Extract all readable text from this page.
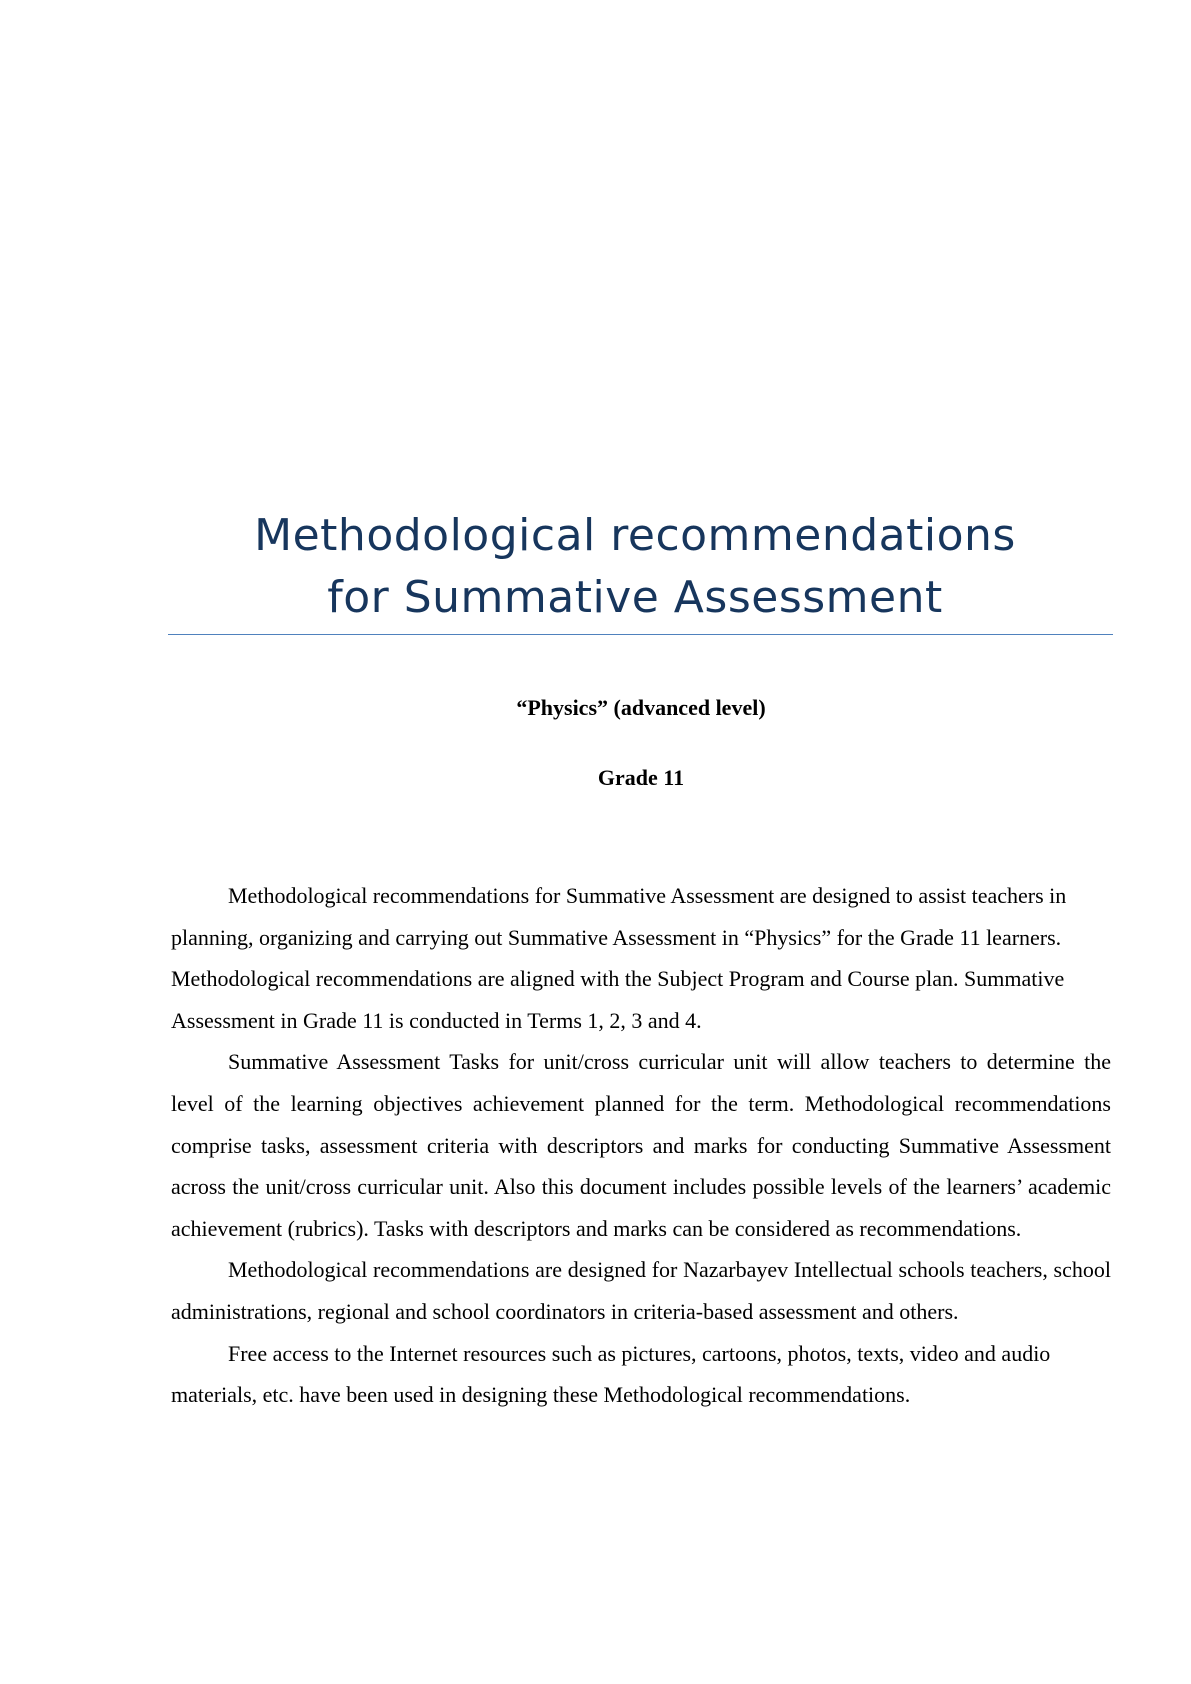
Methodological recommendations
for Summative Assessment
“Physics” (advanced level)
Grade 11

Methodological recommendations for Summative Assessment are designed to assist teachers in planning, organizing and carrying out Summative Assessment in “Physics” for the Grade 11 learners. Methodological recommendations are aligned with the Subject Program and Course plan. Summative Assessment in Grade 11 is conducted in Terms 1, 2, 3 and 4.

Summative Assessment Tasks for unit/cross curricular unit will allow teachers to determine the level of the learning objectives achievement planned for the term. Methodological recommendations comprise tasks, assessment criteria with descriptors and marks for conducting Summative Assessment across the unit/cross curricular unit. Also this document includes possible levels of the learners’ academic achievement (rubrics). Tasks with descriptors and marks can be considered as recommendations.

Methodological recommendations are designed for Nazarbayev Intellectual schools teachers, school administrations, regional and school coordinators in criteria-based assessment and others.

Free access to the Internet resources such as pictures, cartoons, photos, texts, video and audio materials, etc. have been used in designing these Methodological recommendations.
